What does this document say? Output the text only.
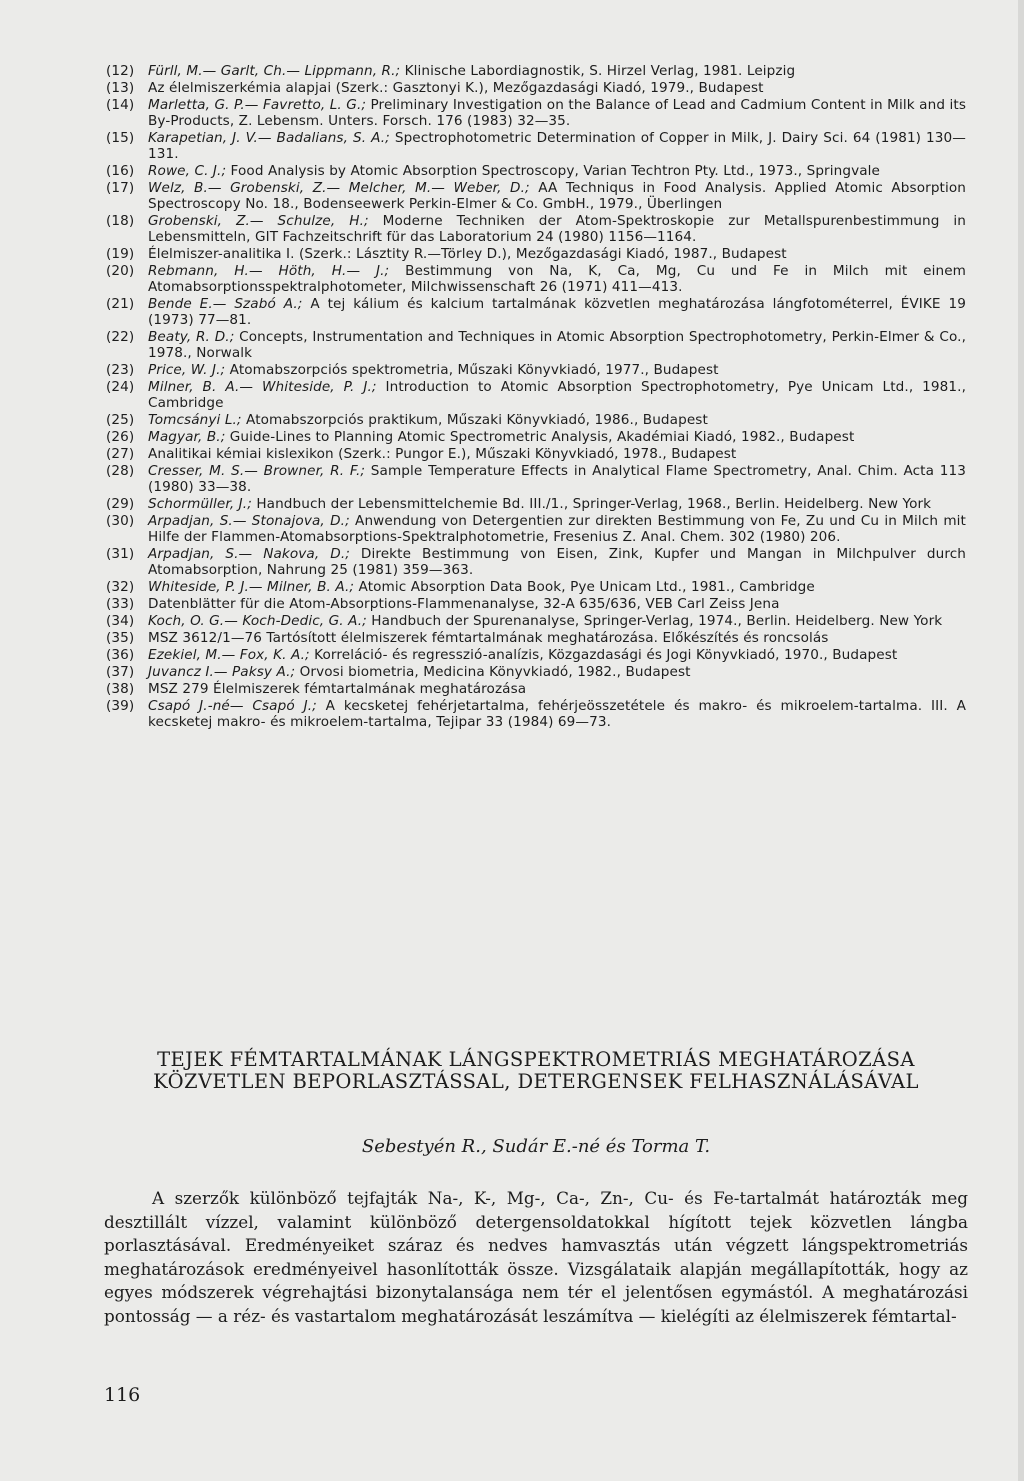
(12)	Fürll, M.— Garlt, Ch.— Lippmann, R.; Klinische Labordiagnostik, S. Hirzel Verlag, 1981. Leipzig
(13)	Az élelmiszerkémia alapjai (Szerk.: Gasztonyi K.), Mezőgazdasági Kiadó, 1979., Budapest
(14)	Marletta, G. P.— Favretto, L. G.; Preliminary Investigation on the Balance of Lead and Cadmium Content in Milk and its By-Products, Z. Lebensm. Unters. Forsch. 176 (1983) 32—35.
(15)	Karapetian, J. V.— Badalians, S. A.; Spectrophotometric Determination of Copper in Milk, J. Dairy Sci. 64 (1981) 130—131.
(16)	Rowe, C. J.; Food Analysis by Atomic Absorption Spectroscopy, Varian Techtron Pty. Ltd., 1973., Springvale
(17)	Welz, B.— Grobenski, Z.— Melcher, M.— Weber, D.; AA Techniqus in Food Analysis. Applied Atomic Absorption Spectroscopy No. 18., Bodenseewerk Perkin-Elmer & Co. GmbH., 1979., Überlingen
(18)	Grobenski, Z.— Schulze, H.; Moderne Techniken der Atom-Spektroskopie zur Metallspurenbestimmung in Lebensmitteln, GIT Fachzeitschrift für das Laboratorium 24 (1980) 1156—1164.
(19)	Élelmiszer-analitika I. (Szerk.: Lásztity R.—Törley D.), Mezőgazdasági Kiadó, 1987., Budapest
(20)	Rebmann, H.— Höth, H.— J.; Bestimmung von Na, K, Ca, Mg, Cu und Fe in Milch mit einem Atomabsorptionsspektralphotometer, Milchwissenschaft 26 (1971) 411—413.
(21)	Bende E.— Szabó A.; A tej kálium és kalcium tartalmának közvetlen meghatározása lángfotométerrel, ÉVIKE 19 (1973) 77—81.
(22)	Beaty, R. D.; Concepts, Instrumentation and Techniques in Atomic Absorption Spectrophotometry, Perkin-Elmer & Co., 1978., Norwalk
(23)	Price, W. J.; Atomabszorpciós spektrometria, Műszaki Könyvkiadó, 1977., Budapest
(24)	Milner, B. A.— Whiteside, P. J.; Introduction to Atomic Absorption Spectrophotometry, Pye Unicam Ltd., 1981., Cambridge
(25)	Tomcsányi L.; Atomabszorpciós praktikum, Műszaki Könyvkiadó, 1986., Budapest
(26)	Magyar, B.; Guide-Lines to Planning Atomic Spectrometric Analysis, Akadémiai Kiadó, 1982., Budapest
(27)	Analitikai kémiai kislexikon (Szerk.: Pungor E.), Műszaki Könyvkiadó, 1978., Budapest
(28)	Cresser, M. S.— Browner, R. F.; Sample Temperature Effects in Analytical Flame Spectrometry, Anal. Chim. Acta 113 (1980) 33—38.
(29)	Schormüller, J.; Handbuch der Lebensmittelchemie Bd. III./1., Springer-Verlag, 1968., Berlin. Heidelberg. New York
(30)	Arpadjan, S.— Stonajova, D.; Anwendung von Detergentien zur direkten Bestimmung von Fe, Zu und Cu in Milch mit Hilfe der Flammen-Atomabsorptions-Spektralphotometrie, Fresenius Z. Anal. Chem. 302 (1980) 206.
(31)	Arpadjan, S.— Nakova, D.; Direkte Bestimmung von Eisen, Zink, Kupfer und Mangan in Milchpulver durch Atomabsorption, Nahrung 25 (1981) 359—363.
(32)	Whiteside, P. J.— Milner, B. A.; Atomic Absorption Data Book, Pye Unicam Ltd., 1981., Cambridge
(33)	Datenblätter für die Atom-Absorptions-Flammenanalyse, 32-A 635/636, VEB Carl Zeiss Jena
(34)	Koch, O. G.— Koch-Dedic, G. A.; Handbuch der Spurenanalyse, Springer-Verlag, 1974., Berlin. Heidelberg. New York
(35)	MSZ 3612/1—76 Tartósított élelmiszerek fémtartalmának meghatározása. Előkészítés és roncsolás
(36)	Ezekiel, M.— Fox, K. A.; Korreláció- és regresszió-analízis, Közgazdasági és Jogi Könyvkiadó, 1970., Budapest
(37)	Juvancz I.— Paksy A.; Orvosi biometria, Medicina Könyvkiadó, 1982., Budapest
(38)	MSZ 279 Élelmiszerek fémtartalmának meghatározása
(39)	Csapó J.-né— Csapó J.; A kecsketej fehérjetartalma, fehérjeösszetétele és makro- és mikroelem-tartalma. III. A kecsketej makro- és mikroelem-tartalma, Tejipar 33 (1984) 69—73.
TEJEK FÉMTARTALMÁNAK LÁNGSPEKTROMETRIÁS MEGHATÁROZÁSA KÖZVETLEN BEPORLASZTÁSSAL, DETERGENSEK FELHASZNÁLÁSÁVAL
Sebestyén R., Sudár E.-né és Torma T.
A szerzők különböző tejfajták Na-, K-, Mg-, Ca-, Zn-, Cu- és Fe-tartalmát határozták meg desztillált vízzel, valamint különböző detergensoldatokkal hígított tejek közvetlen lángba porlasztásával. Eredményeiket száraz és nedves hamvasztás után végzett lángspektrometriás meghatározások eredményeivel hasonlították össze. Vizsgálataik alapján megállapították, hogy az egyes módszerek végrehajtási bizonytalansága nem tér el jelentősen egymástól. A meghatározási pontosság — a réz- és vastartalom meghatározását leszámítva — kielégíti az élelmiszerek fémtartal-
116
